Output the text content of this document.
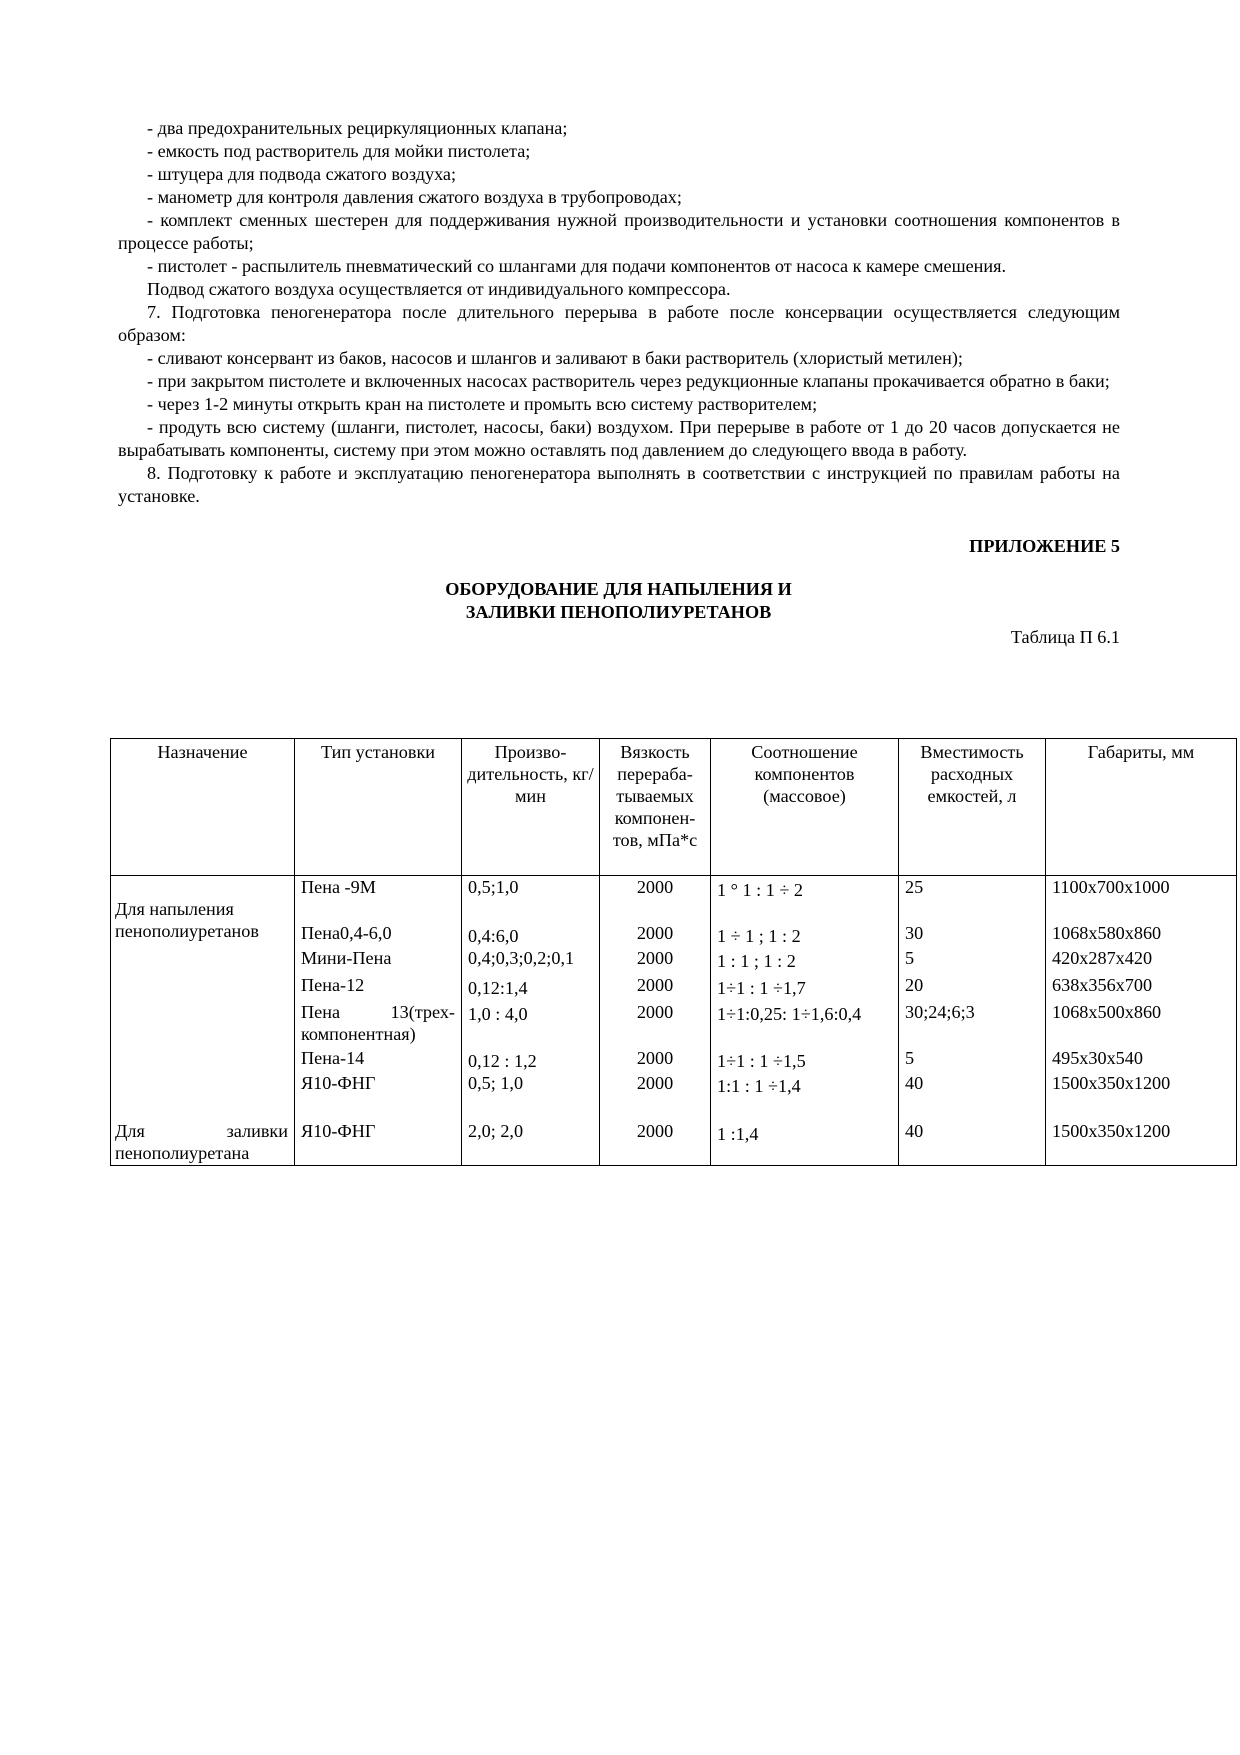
- два предохранительных рециркуляционных клапана;

- емкость под растворитель для мойки пистолета;

- штуцера для подвода сжатого воздуха;

- манометр для контроля давления сжатого воздуха в трубопроводах;

- комплект сменных шестерен для поддерживания нужной производительности и установки соотношения компонентов в процессе работы;

- пистолет - распылитель пневматический со шлангами для подачи компонентов от насоса к камере смешения.

Подвод сжатого воздуха осуществляется от индивидуального компрессора.

7. Подготовка пеногенератора после длительного перерыва в работе после консервации осуществляется следующим образом:

- сливают консервант из баков, насосов и шлангов и заливают в баки растворитель (хлористый метилен);

- при закрытом пистолете и включенных насосах растворитель через редукционные клапаны прокачивается обратно в баки;

- через 1-2 минуты открыть кран на пистолете и промыть всю систему растворителем;

- продуть всю систему (шланги, пистолет, насосы, баки) воздухом. При перерыве в работе от 1 до 20 часов допускается не вырабатывать компоненты, систему при этом можно оставлять под давлением до следующего ввода в работу.

8. Подготовку к работе и эксплуатацию пеногенератора выполнять в соответствии с инструкцией по правилам работы на установке.

ПРИЛОЖЕНИЕ 5

ОБОРУДОВАНИЕ ДЛЯ НАПЫЛЕНИЯ И
ЗАЛИВКИ ПЕНОПОЛИУРЕТАНОВ

Таблица П 6.1

Назначение	Тип установки	Произво-дительность, кг/мин	Вязкость перераба-тываемых компонен-тов, мПа*с	Соотношение компонентов (массовое)	Вместимость расходных емкостей, л	Габариты, мм

Для напыления
пенополиуретанов	Пена -9М	0,5;1,0	2000	1 ° 1 : 1 ÷ 2	25	1100х700х1000
	Пена0,4-6,0	0,4:6,0	2000	1 ÷ 1 ; 1 : 2	30	1068х580х860
	Мини-Пена	0,4;0,3;0,2;0,1	2000	1 : 1 ; 1 : 2	5	420х287х420
	Пена-12	0,12:1,4	2000	1÷1 : 1 ÷1,7	20	638х356х700

	Пена 13(трех-
компонентная)	1,0 : 4,0	2000	1÷1:0,25: 1÷1,6:0,4	30;24;6;3	1068х500х860
	Пена-14	0,12 : 1,2	2000	1÷1 : 1 ÷1,5	5	495х30х540
	Я10-ФНГ	0,5; 1,0	2000	1:1 : 1 ÷1,4	40	1500х350х1200

Для заливки
пенополиуретана	Я10-ФНГ	2,0; 2,0	2000	1 :1,4	40	1500х350х1200
